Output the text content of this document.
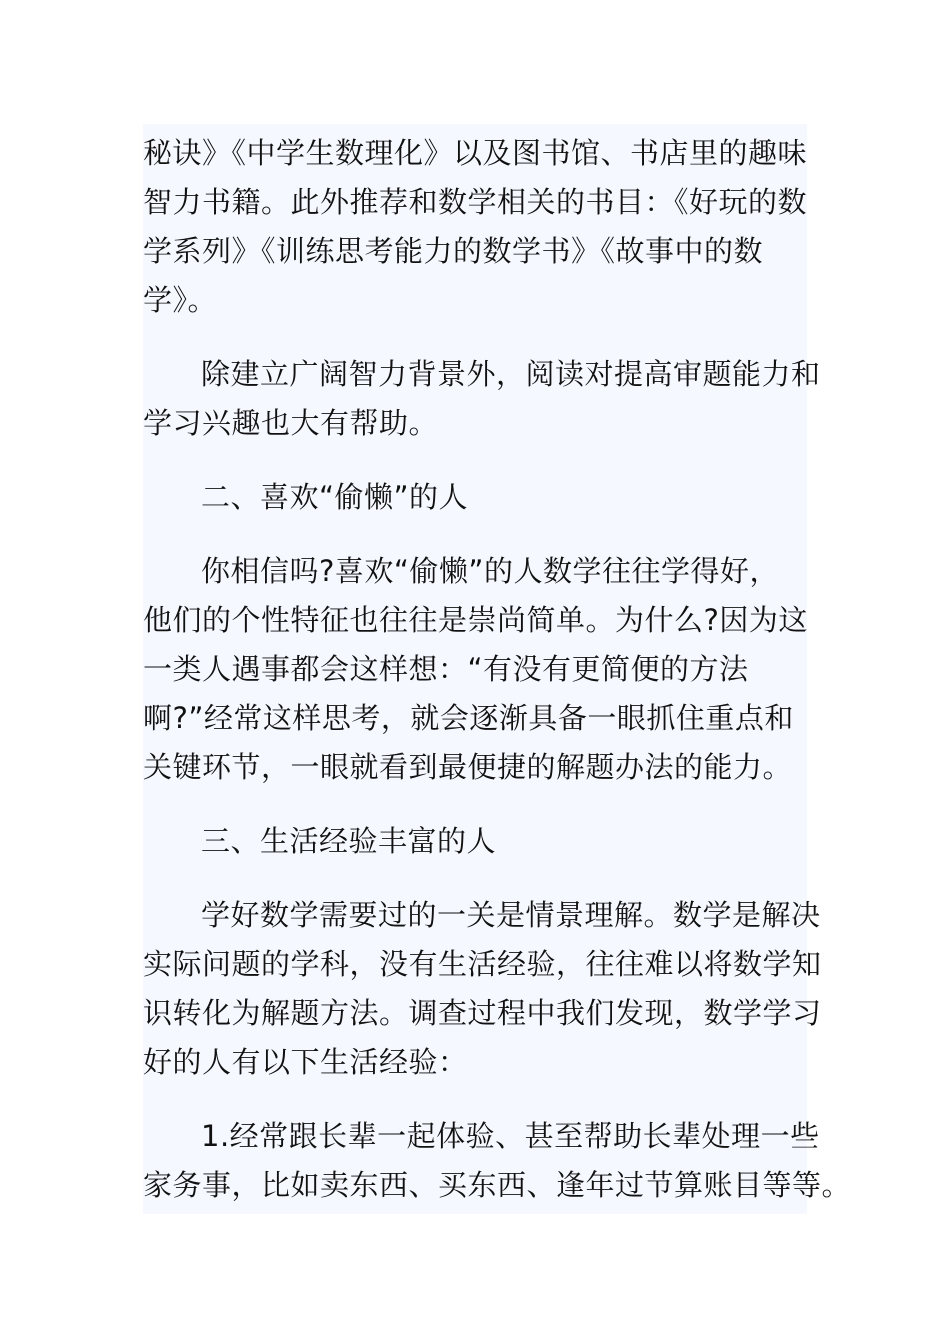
秘诀》《中学生数理化》以及图书馆、书店里的趣味
智力书籍。此外推荐和数学相关的书目：《好玩的数
学系列》《训练思考能力的数学书》《故事中的数
学》。
除建立广阔智力背景外，阅读对提高审题能力和
学习兴趣也大有帮助。
二、喜欢“偷懒”的人
你相信吗?喜欢“偷懒”的人数学往往学得好，
他们的个性特征也往往是崇尚简单。为什么?因为这
一类人遇事都会这样想：“有没有更简便的方法
啊?”经常这样思考，就会逐渐具备一眼抓住重点和
关键环节，一眼就看到最便捷的解题办法的能力。
三、生活经验丰富的人
学好数学需要过的一关是情景理解。数学是解决
实际问题的学科，没有生活经验，往往难以将数学知
识转化为解题方法。调查过程中我们发现，数学学习
好的人有以下生活经验：
1.经常跟长辈一起体验、甚至帮助长辈处理一些
家务事，比如卖东西、买东西、逢年过节算账目等等。
